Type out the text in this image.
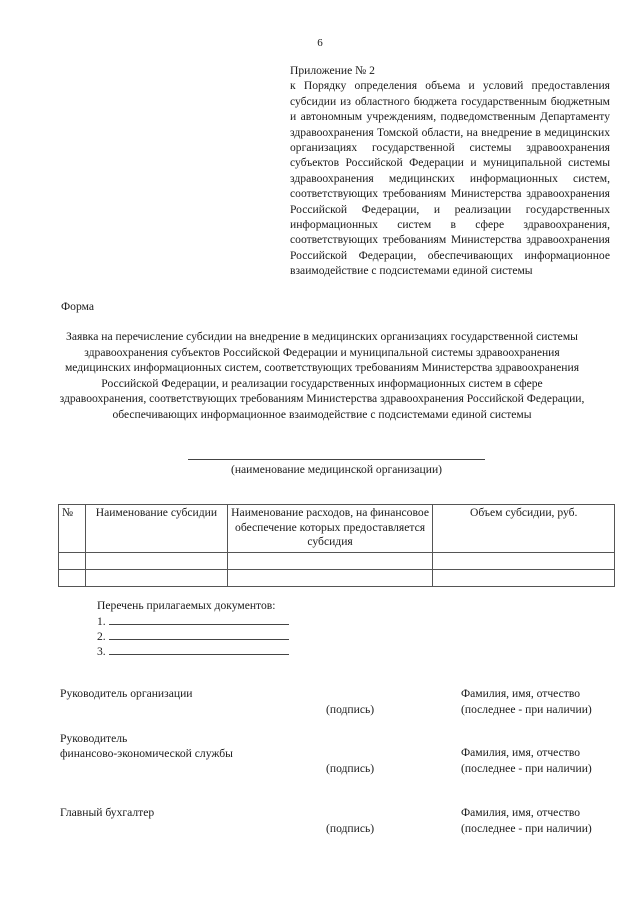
6
Приложение № 2
к Порядку определения объема и условий предоставления субсидии из областного бюджета государственным бюджетным и автономным учреждениям, подведомственным Департаменту здравоохранения Томской области, на внедрение в медицинских организациях государственной системы здравоохранения субъектов Российской Федерации и муниципальной системы здравоохранения медицинских информационных систем, соответствующих требованиям Министерства здравоохранения Российской Федерации, и реализации государственных информационных систем в сфере здравоохранения, соответствующих требованиям Министерства здравоохранения Российской Федерации, обеспечивающих информационное взаимодействие с подсистемами единой системы
Форма
Заявка на перечисление субсидии на внедрение в медицинских организациях государственной системы здравоохранения субъектов Российской Федерации и муниципальной системы здравоохранения медицинских информационных систем, соответствующих требованиям Министерства здравоохранения Российской Федерации, и реализации государственных информационных систем в сфере здравоохранения, соответствующих требованиям Министерства здравоохранения Российской Федерации, обеспечивающих информационное взаимодействие с подсистемами единой системы
(наименование медицинской организации)
№	Наименование субсидии	Наименование расходов, на финансовое обеспечение которых предоставляется субсидия	Объем субсидии, руб.

Перечень прилагаемых документов:
1.
2.
3.
Руководитель организации
(подпись)
Фамилия, имя, отчество
(последнее - при наличии)
Руководитель
финансово-экономической службы
(подпись)
Фамилия, имя, отчество
(последнее - при наличии)
Главный бухгалтер
(подпись)
Фамилия, имя, отчество
(последнее - при наличии)
